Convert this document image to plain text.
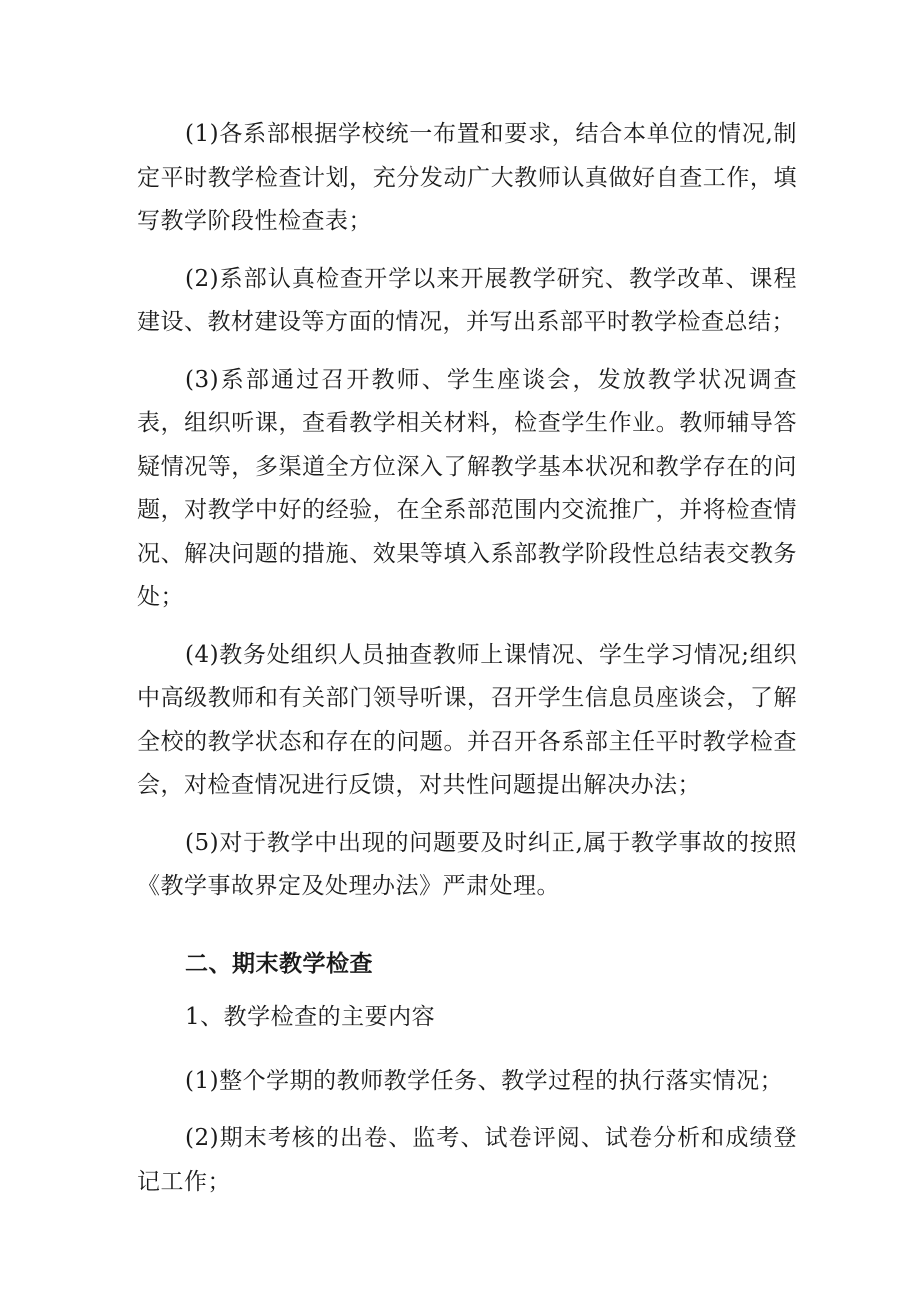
(1)各系部根据学校统一布置和要求，结合本单位的情况,制定平时教学检查计划，充分发动广大教师认真做好自查工作，填写教学阶段性检查表；

(2)系部认真检查开学以来开展教学研究、教学改革、课程建设、教材建设等方面的情况，并写出系部平时教学检查总结；

(3)系部通过召开教师、学生座谈会，发放教学状况调查表，组织听课，查看教学相关材料，检查学生作业。教师辅导答疑情况等，多渠道全方位深入了解教学基本状况和教学存在的问题，对教学中好的经验，在全系部范围内交流推广，并将检查情况、解决问题的措施、效果等填入系部教学阶段性总结表交教务处；

(4)教务处组织人员抽查教师上课情况、学生学习情况;组织中高级教师和有关部门领导听课，召开学生信息员座谈会，了解全校的教学状态和存在的问题。并召开各系部主任平时教学检查会，对检查情况进行反馈，对共性问题提出解决办法；

(5)对于教学中出现的问题要及时纠正,属于教学事故的按照《教学事故界定及处理办法》严肃处理。

二、期末教学检查

1、教学检查的主要内容

(1)整个学期的教师教学任务、教学过程的执行落实情况；

(2)期末考核的出卷、监考、试卷评阅、试卷分析和成绩登记工作；
